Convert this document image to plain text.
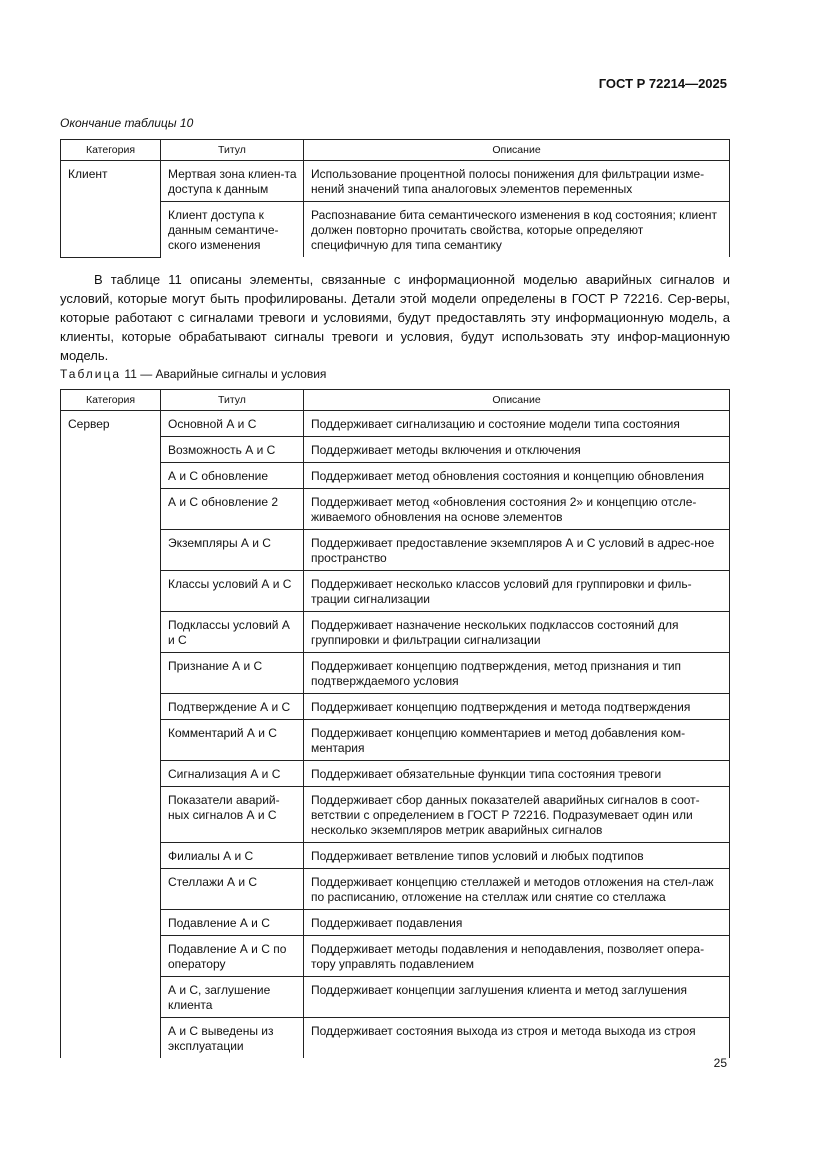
ГОСТ Р 72214—2025
Окончание таблицы 10
Категория	Титул	Описание
Клиент	Мертвая зона клиен-та доступа к данным	Использование процентной полосы понижения для фильтрации изме-нений значений типа аналоговых элементов переменных
	Клиент доступа к данным семантиче-ского изменения	Распознавание бита семантического изменения в код состояния; клиент должен повторно прочитать свойства, которые определяют специфичную для типа семантику

В таблице 11 описаны элементы, связанные с информационной моделью аварийных сигналов и условий, которые могут быть профилированы. Детали этой модели определены в ГОСТ Р 72216. Сер-веры, которые работают с сигналами тревоги и условиями, будут предоставлять эту информационную модель, а клиенты, которые обрабатывают сигналы тревоги и условия, будут использовать эту инфор-мационную модель.

Таблица 11 — Аварийные сигналы и условия
Категория	Титул	Описание
Сервер	Основной А и С	Поддерживает сигнализацию и состояние модели типа состояния
	Возможность А и С	Поддерживает методы включения и отключения
	А и С обновление	Поддерживает метод обновления состояния и концепцию обновления
	А и С обновление 2	Поддерживает метод «обновления состояния 2» и концепцию отсле-живаемого обновления на основе элементов
	Экземпляры А и С	Поддерживает предоставление экземпляров А и С условий в адрес-ное пространство
	Классы условий А и С	Поддерживает несколько классов условий для группировки и филь-трации сигнализации
	Подклассы условий А и С	Поддерживает назначение нескольких подклассов состояний для группировки и фильтрации сигнализации
	Признание А и С	Поддерживает концепцию подтверждения, метод признания и тип подтверждаемого условия
	Подтверждение А и С	Поддерживает концепцию подтверждения и метода подтверждения
	Комментарий А и С	Поддерживает концепцию комментариев и метод добавления ком-ментария
	Сигнализация А и С	Поддерживает обязательные функции типа состояния тревоги
	Показатели аварий-ных сигналов А и С	Поддерживает сбор данных показателей аварийных сигналов в соот-ветствии с определением в ГОСТ Р 72216. Подразумевает один или несколько экземпляров метрик аварийных сигналов
	Филиалы А и С	Поддерживает ветвление типов условий и любых подтипов
	Стеллажи А и С	Поддерживает концепцию стеллажей и методов отложения на стел-лаж по расписанию, отложение на стеллаж или снятие со стеллажа
	Подавление А и С	Поддерживает подавления
	Подавление А и С по оператору	Поддерживает методы подавления и неподавления, позволяет опера-тору управлять подавлением
	А и С, заглушение клиента	Поддерживает концепции заглушения клиента и метод заглушения
	А и С выведены из эксплуатации	Поддерживает состояния выхода из строя и метода выхода из строя
25
